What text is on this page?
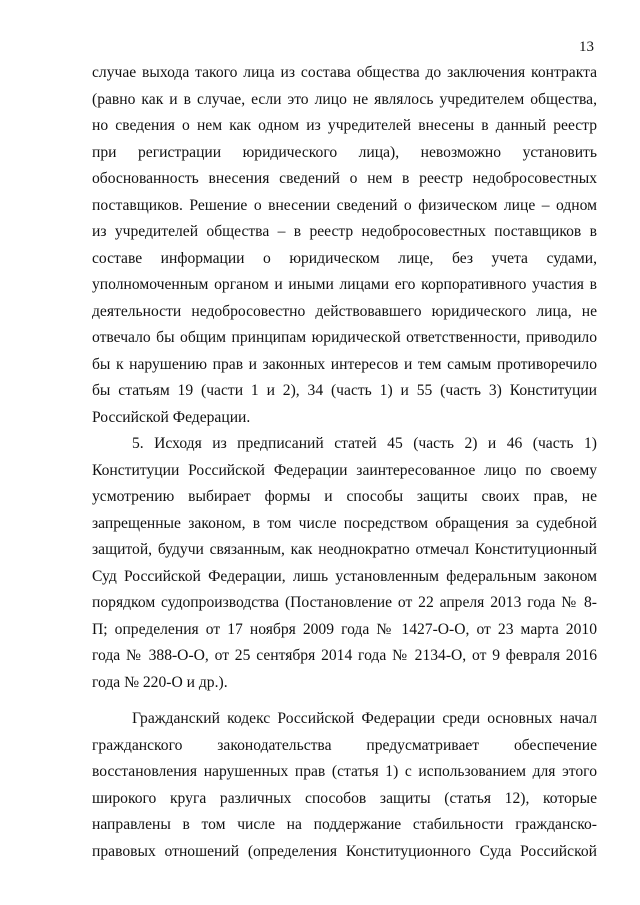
13
случае выхода такого лица из состава общества до заключения контракта
(равно как и в случае, если это лицо не являлось учредителем общества,
но сведения о нем как одном из учредителей внесены в данный реестр
при регистрации юридического лица), невозможно установить
обоснованность внесения сведений о нем в реестр недобросовестных
поставщиков. Решение о внесении сведений о физическом лице – одном
из учредителей общества – в реестр недобросовестных поставщиков в
составе информации о юридическом лице, без учета судами,
уполномоченным органом и иными лицами его корпоративного участия в
деятельности недобросовестно действовавшего юридического лица, не
отвечало бы общим принципам юридической ответственности, приводило
бы к нарушению прав и законных интересов и тем самым противоречило
бы статьям 19 (части 1 и 2), 34 (часть 1) и 55 (часть 3) Конституции
Российской Федерации.
5. Исходя из предписаний статей 45 (часть 2) и 46 (часть 1)
Конституции Российской Федерации заинтересованное лицо по своему
усмотрению выбирает формы и способы защиты своих прав, не
запрещенные законом, в том числе посредством обращения за судебной
защитой, будучи связанным, как неоднократно отмечал Конституционный
Суд Российской Федерации, лишь установленным федеральным законом
порядком судопроизводства (Постановление от 22 апреля 2013 года № 8-
П; определения от 17 ноября 2009 года № 1427-О-О, от 23 марта 2010
года № 388-О-О, от 25 сентября 2014 года № 2134-О, от 9 февраля 2016
года № 220-О и др.).
Гражданский кодекс Российской Федерации среди основных начал
гражданского законодательства предусматривает обеспечение
восстановления нарушенных прав (статья 1) с использованием для этого
широкого круга различных способов защиты (статья 12), которые
направлены в том числе на поддержание стабильности гражданско-
правовых отношений (определения Конституционного Суда Российской
